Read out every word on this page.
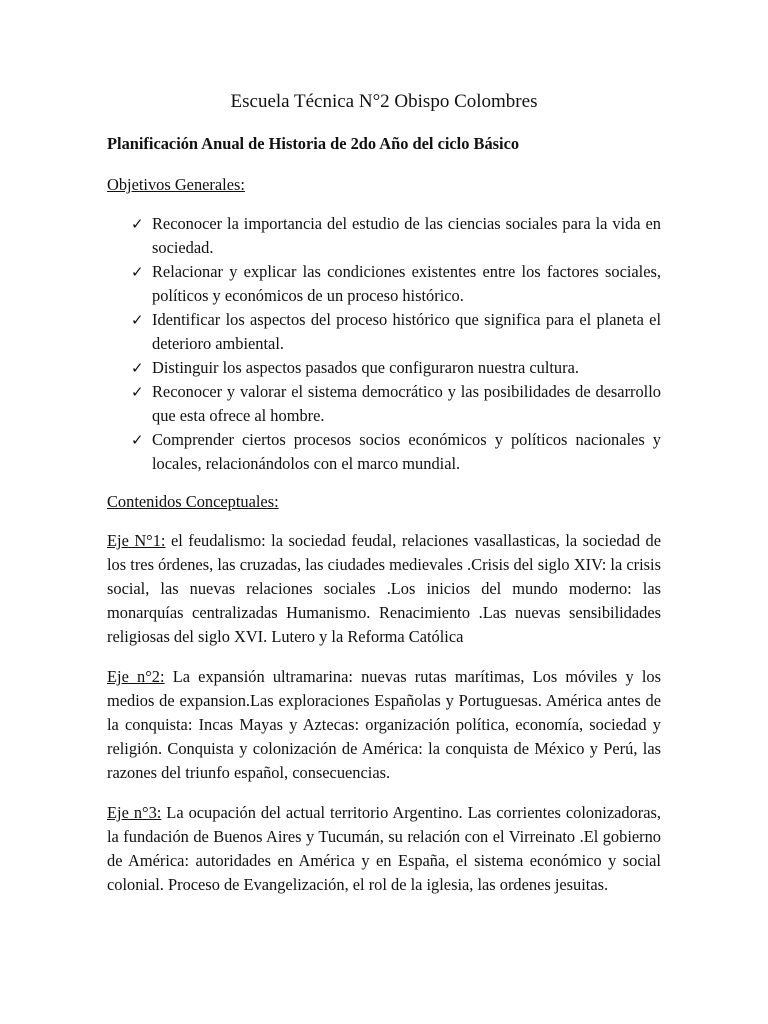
Escuela Técnica N°2 Obispo Colombres

Planificación Anual de Historia de 2do Año del ciclo Básico

Objetivos Generales:

✓ Reconocer la importancia del estudio de las ciencias sociales para la vida en sociedad.
✓ Relacionar y explicar las condiciones existentes entre los factores sociales, políticos y económicos de un proceso histórico.
✓ Identificar los aspectos del proceso histórico que significa para el planeta el deterioro ambiental.
✓ Distinguir los aspectos pasados que configuraron nuestra cultura.
✓ Reconocer y valorar el sistema democrático y las posibilidades de desarrollo que esta ofrece al hombre.
✓ Comprender ciertos procesos socios económicos y políticos nacionales y locales, relacionándolos con el marco mundial.

Contenidos Conceptuales:

Eje N°1: el feudalismo: la sociedad feudal, relaciones vasallasticas, la sociedad de los tres órdenes, las cruzadas, las ciudades medievales .Crisis del siglo XIV: la crisis social, las nuevas relaciones sociales .Los inicios del mundo moderno: las monarquías centralizadas Humanismo. Renacimiento .Las nuevas sensibilidades religiosas del siglo XVI. Lutero y la Reforma Católica

Eje n°2: La expansión ultramarina: nuevas rutas marítimas, Los móviles y los medios de expansion.Las exploraciones Españolas y Portuguesas. América antes de la conquista: Incas Mayas y Aztecas: organización política, economía, sociedad y religión. Conquista y colonización de América: la conquista de México y Perú, las razones del triunfo español, consecuencias.

Eje n°3: La ocupación del actual territorio Argentino. Las corrientes colonizadoras, la fundación de Buenos Aires y Tucumán, su relación con el Virreinato .El gobierno de América: autoridades en América y en España, el sistema económico y social colonial. Proceso de Evangelización, el rol de la iglesia, las ordenes jesuitas.
